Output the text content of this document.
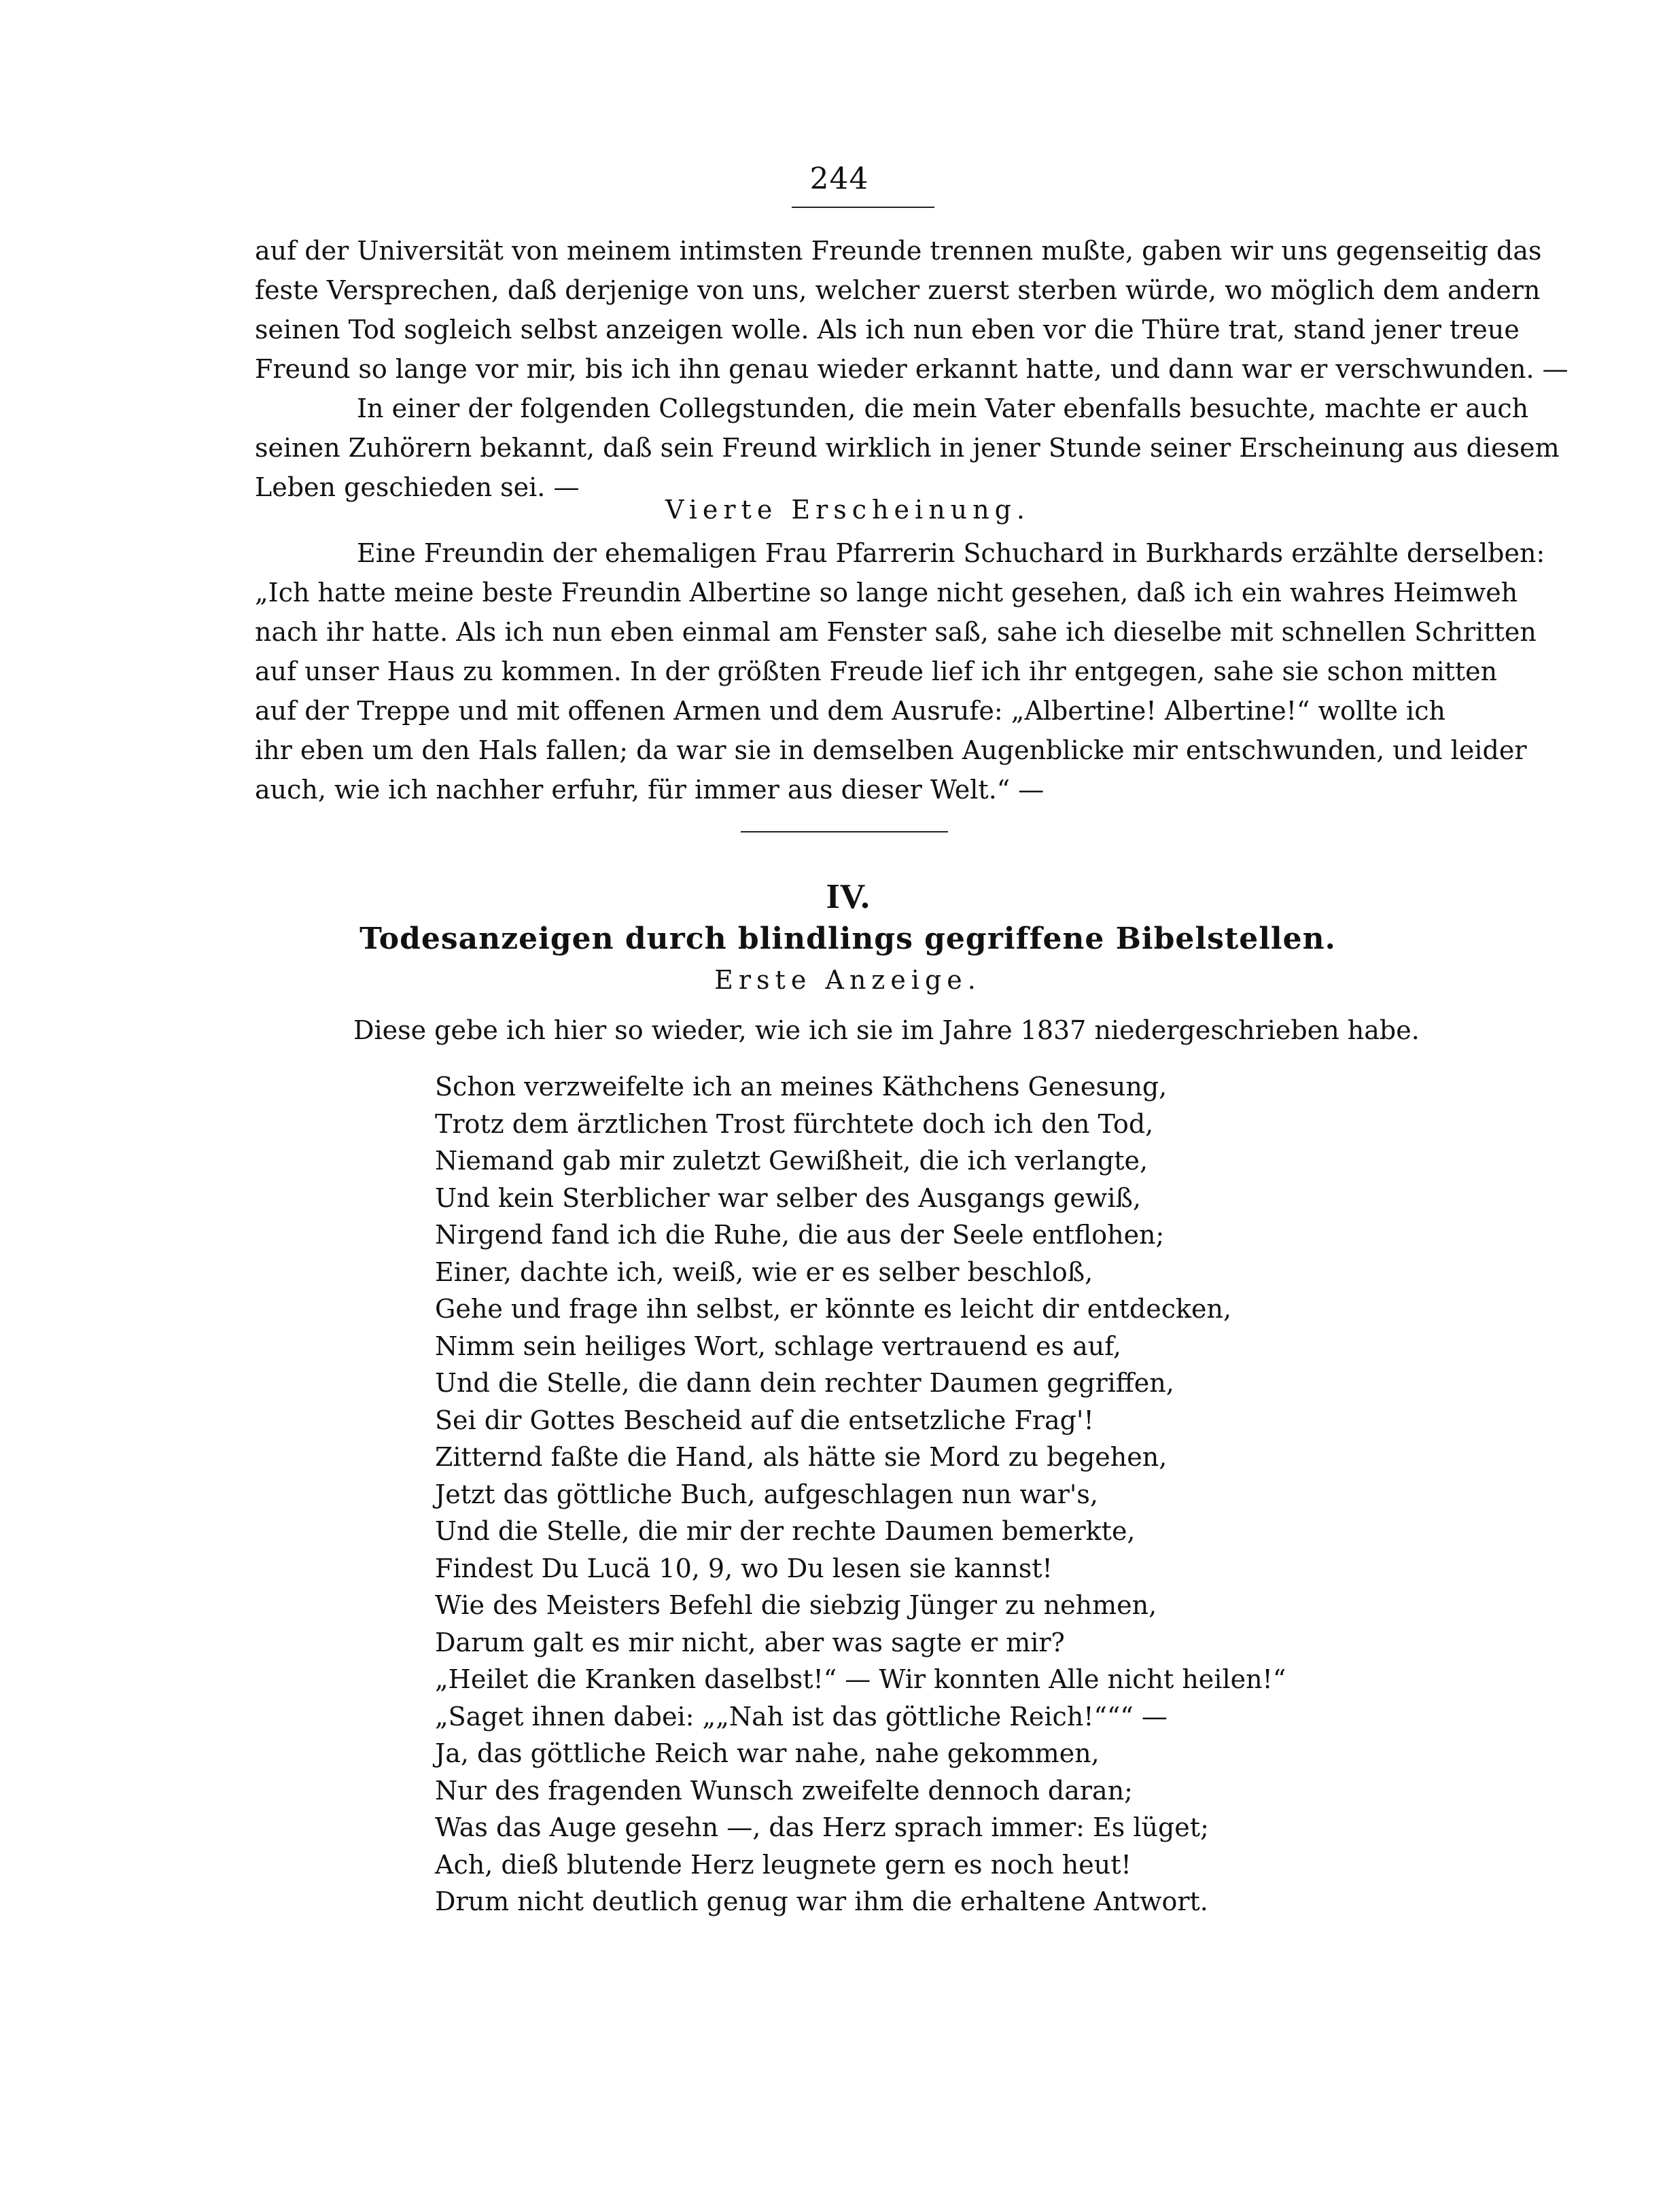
244
auf der Universität von meinem intimsten Freunde trennen mußte, gaben wir uns gegenseitig das
feste Versprechen, daß derjenige von uns, welcher zuerst sterben würde, wo möglich dem andern
seinen Tod sogleich selbst anzeigen wolle. Als ich nun eben vor die Thüre trat, stand jener treue
Freund so lange vor mir, bis ich ihn genau wieder erkannt hatte, und dann war er verschwunden. —
In einer der folgenden Collegstunden, die mein Vater ebenfalls besuchte, machte er auch
seinen Zuhörern bekannt, daß sein Freund wirklich in jener Stunde seiner Erscheinung aus diesem
Leben geschieden sei. —
Vierte Erscheinung.
Eine Freundin der ehemaligen Frau Pfarrerin Schuchard in Burkhards erzählte derselben:
„Ich hatte meine beste Freundin Albertine so lange nicht gesehen, daß ich ein wahres Heimweh
nach ihr hatte. Als ich nun eben einmal am Fenster saß, sahe ich dieselbe mit schnellen Schritten
auf unser Haus zu kommen. In der größten Freude lief ich ihr entgegen, sahe sie schon mitten
auf der Treppe und mit offenen Armen und dem Ausrufe: „Albertine! Albertine!“ wollte ich
ihr eben um den Hals fallen; da war sie in demselben Augenblicke mir entschwunden, und leider
auch, wie ich nachher erfuhr, für immer aus dieser Welt.“ —
IV.
Todesanzeigen durch blindlings gegriffene Bibelstellen.
Erste Anzeige.
Diese gebe ich hier so wieder, wie ich sie im Jahre 1837 niedergeschrieben habe.
Schon verzweifelte ich an meines Käthchens Genesung,
Trotz dem ärztlichen Trost fürchtete doch ich den Tod,
Niemand gab mir zuletzt Gewißheit, die ich verlangte,
Und kein Sterblicher war selber des Ausgangs gewiß,
Nirgend fand ich die Ruhe, die aus der Seele entflohen;
Einer, dachte ich, weiß, wie er es selber beschloß,
Gehe und frage ihn selbst, er könnte es leicht dir entdecken,
Nimm sein heiliges Wort, schlage vertrauend es auf,
Und die Stelle, die dann dein rechter Daumen gegriffen,
Sei dir Gottes Bescheid auf die entsetzliche Frag'!
Zitternd faßte die Hand, als hätte sie Mord zu begehen,
Jetzt das göttliche Buch, aufgeschlagen nun war's,
Und die Stelle, die mir der rechte Daumen bemerkte,
Findest Du Lucä 10, 9, wo Du lesen sie kannst!
Wie des Meisters Befehl die siebzig Jünger zu nehmen,
Darum galt es mir nicht, aber was sagte er mir?
„Heilet die Kranken daselbst!“ — Wir konnten Alle nicht heilen!“
„Saget ihnen dabei: „„Nah ist das göttliche Reich!“““ —
Ja, das göttliche Reich war nahe, nahe gekommen,
Nur des fragenden Wunsch zweifelte dennoch daran;
Was das Auge gesehn —, das Herz sprach immer: Es lüget;
Ach, dieß blutende Herz leugnete gern es noch heut!
Drum nicht deutlich genug war ihm die erhaltene Antwort.
